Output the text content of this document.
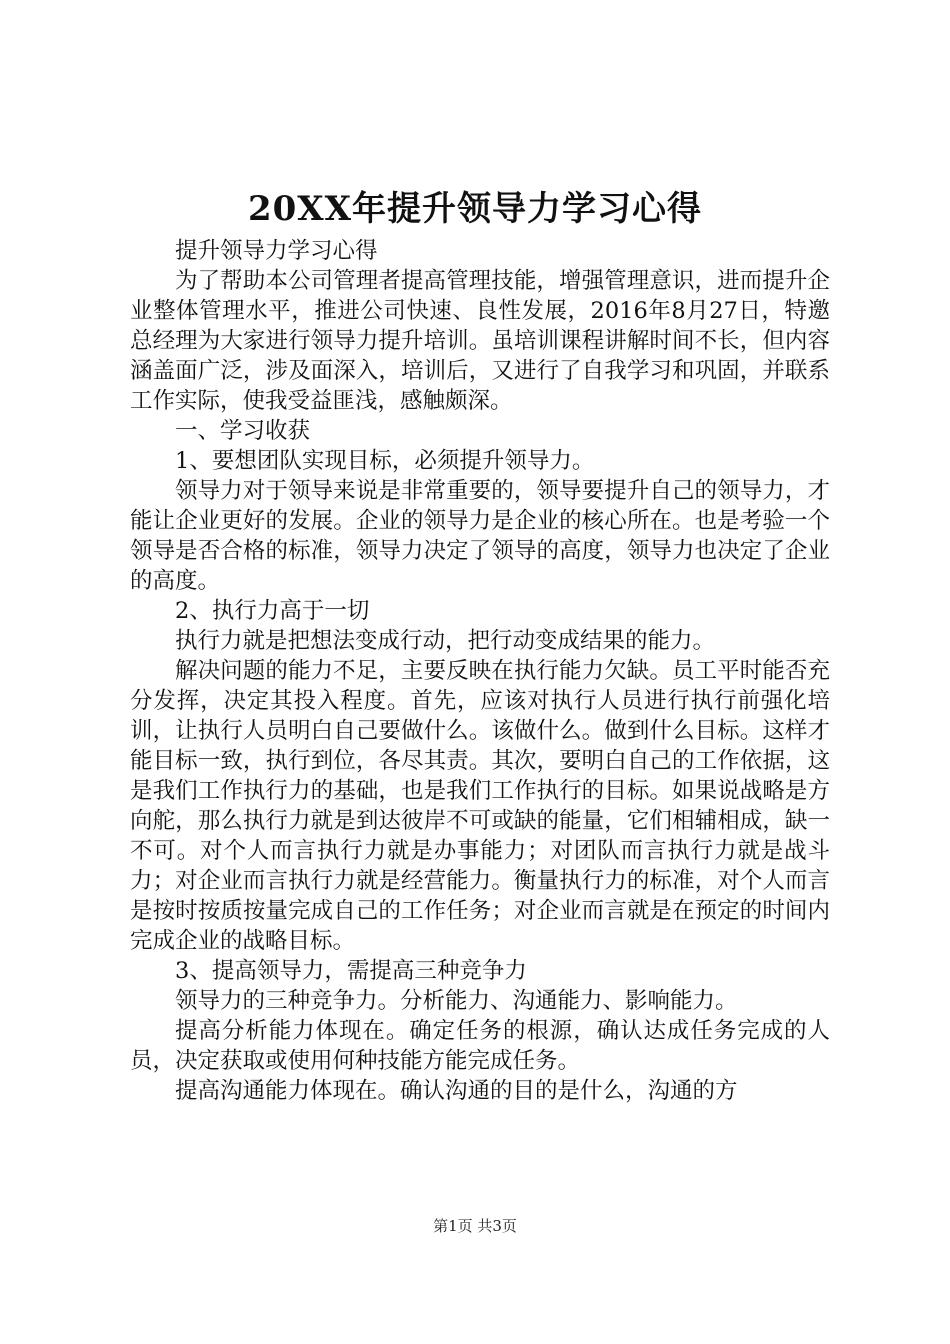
20XX年提升领导力学习心得

提升领导力学习心得

为了帮助本公司管理者提高管理技能，增强管理意识，进而提升企业整体管理水平，推进公司快速、良性发展，2016年8月27日，特邀总经理为大家进行领导力提升培训。虽培训课程讲解时间不长，但内容涵盖面广泛，涉及面深入，培训后，又进行了自我学习和巩固，并联系工作实际，使我受益匪浅，感触颇深。

一、学习收获

1、要想团队实现目标，必须提升领导力。

领导力对于领导来说是非常重要的，领导要提升自己的领导力，才能让企业更好的发展。企业的领导力是企业的核心所在。也是考验一个领导是否合格的标准，领导力决定了领导的高度，领导力也决定了企业的高度。

2、执行力高于一切

执行力就是把想法变成行动，把行动变成结果的能力。

解决问题的能力不足，主要反映在执行能力欠缺。员工平时能否充分发挥，决定其投入程度。首先，应该对执行人员进行执行前强化培训，让执行人员明白自己要做什么。该做什么。做到什么目标。这样才能目标一致，执行到位，各尽其责。其次，要明白自己的工作依据，这是我们工作执行力的基础，也是我们工作执行的目标。如果说战略是方向舵，那么执行力就是到达彼岸不可或缺的能量，它们相辅相成，缺一不可。对个人而言执行力就是办事能力；对团队而言执行力就是战斗力；对企业而言执行力就是经营能力。衡量执行力的标准，对个人而言是按时按质按量完成自己的工作任务；对企业而言就是在预定的时间内完成企业的战略目标。

3、提高领导力，需提高三种竞争力

领导力的三种竞争力。分析能力、沟通能力、影响能力。

提高分析能力体现在。确定任务的根源，确认达成任务完成的人员，决定获取或使用何种技能方能完成任务。

提高沟通能力体现在。确认沟通的目的是什么，沟通的方

第1页 共3页
